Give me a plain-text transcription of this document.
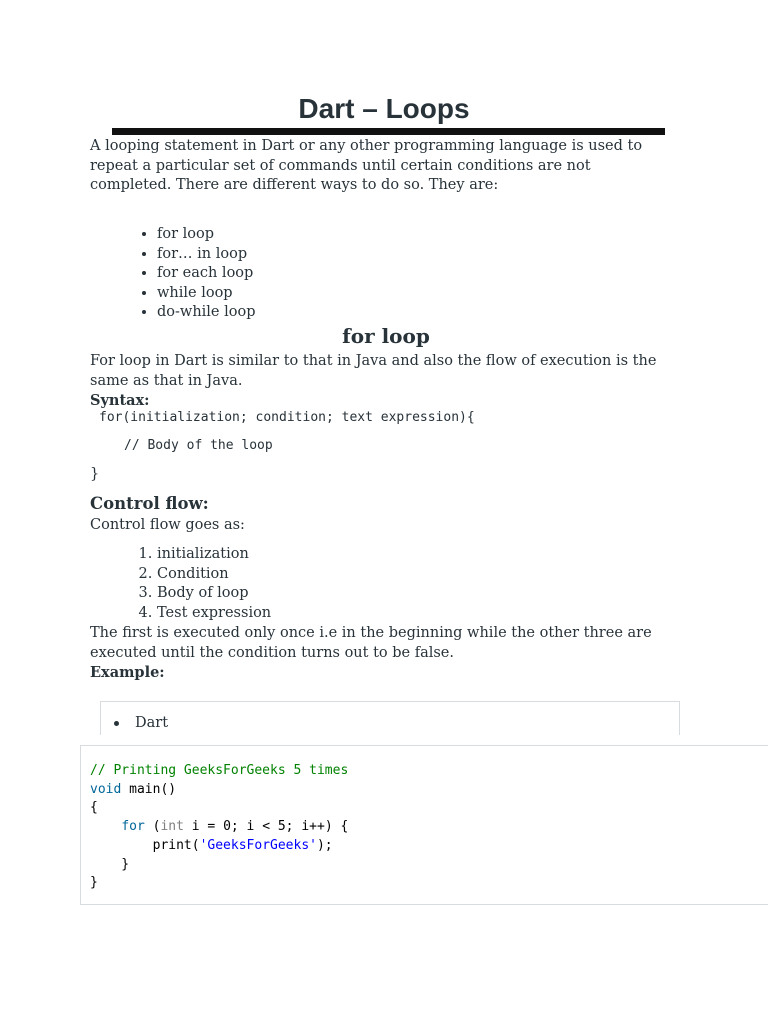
Dart – Loops
A looping statement in Dart or any other programming language is used to repeat a particular set of commands until certain conditions are not completed. There are different ways to do so. They are:
• for loop
• for… in loop
• for each loop
• while loop
• do-while loop
for loop
For loop in Dart is similar to that in Java and also the flow of execution is the same as that in Java.
Syntax:
for(initialization; condition; text expression){
// Body of the loop
}
Control flow:
Control flow goes as:
1. initialization
2. Condition
3. Body of loop
4. Test expression
The first is executed only once i.e in the beginning while the other three are executed until the condition turns out to be false.
Example:
Dart
// Printing GeeksForGeeks 5 times
void main()
{
for (int i = 0; i < 5; i++) {
print('GeeksForGeeks');
}
}
